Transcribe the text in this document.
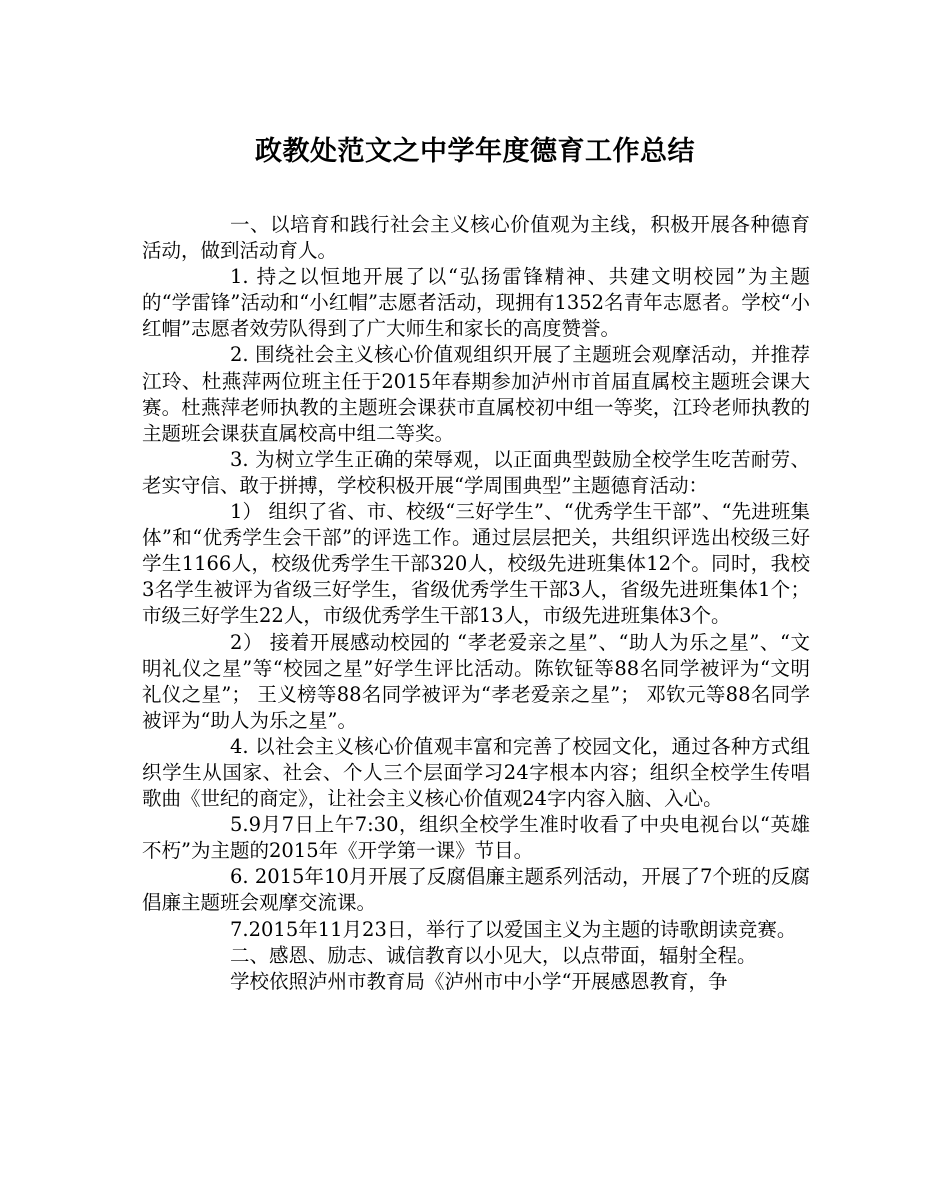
政教处范文之中学年度德育工作总结

一、以培育和践行社会主义核心价值观为主线，积极开展各种德育活动，做到活动育人。

1. 持之以恒地开展了以“弘扬雷锋精神、共建文明校园”为主题的“学雷锋”活动和“小红帽”志愿者活动，现拥有1352名青年志愿者。学校“小红帽”志愿者效劳队得到了广大师生和家长的高度赞誉。

2. 围绕社会主义核心价值观组织开展了主题班会观摩活动，并推荐江玲、杜燕萍两位班主任于2015年春期参加泸州市首届直属校主题班会课大赛。杜燕萍老师执教的主题班会课获市直属校初中组一等奖，江玲老师执教的主题班会课获直属校高中组二等奖。

3. 为树立学生正确的荣辱观，以正面典型鼓励全校学生吃苦耐劳、老实守信、敢于拼搏，学校积极开展“学周围典型”主题德育活动：

1） 组织了省、市、校级“三好学生”、“优秀学生干部”、“先进班集体”和“优秀学生会干部”的评选工作。通过层层把关，共组织评选出校级三好学生1166人，校级优秀学生干部320人，校级先进班集体12个。同时，我校3名学生被评为省级三好学生，省级优秀学生干部3人，省级先进班集体1个；市级三好学生22人，市级优秀学生干部13人，市级先进班集体3个。

2） 接着开展感动校园的 “孝老爱亲之星”、“助人为乐之星”、“文明礼仪之星”等“校园之星”好学生评比活动。陈钦钲等88名同学被评为“文明礼仪之星”； 王义榜等88名同学被评为“孝老爱亲之星”； 邓钦元等88名同学被评为“助人为乐之星”。

4. 以社会主义核心价值观丰富和完善了校园文化，通过各种方式组织学生从国家、社会、个人三个层面学习24字根本内容；组织全校学生传唱歌曲《世纪的商定》，让社会主义核心价值观24字内容入脑、入心。

5.9月7日上午7:30，组织全校学生准时收看了中央电视台以“英雄不朽”为主题的2015年《开学第一课》节目。

6. 2015年10月开展了反腐倡廉主题系列活动，开展了7个班的反腐倡廉主题班会观摩交流课。

7.2015年11月23日，举行了以爱国主义为主题的诗歌朗读竞赛。

二、感恩、励志、诚信教育以小见大，以点带面，辐射全程。

学校依照泸州市教育局《泸州市中小学“开展感恩教育，争
